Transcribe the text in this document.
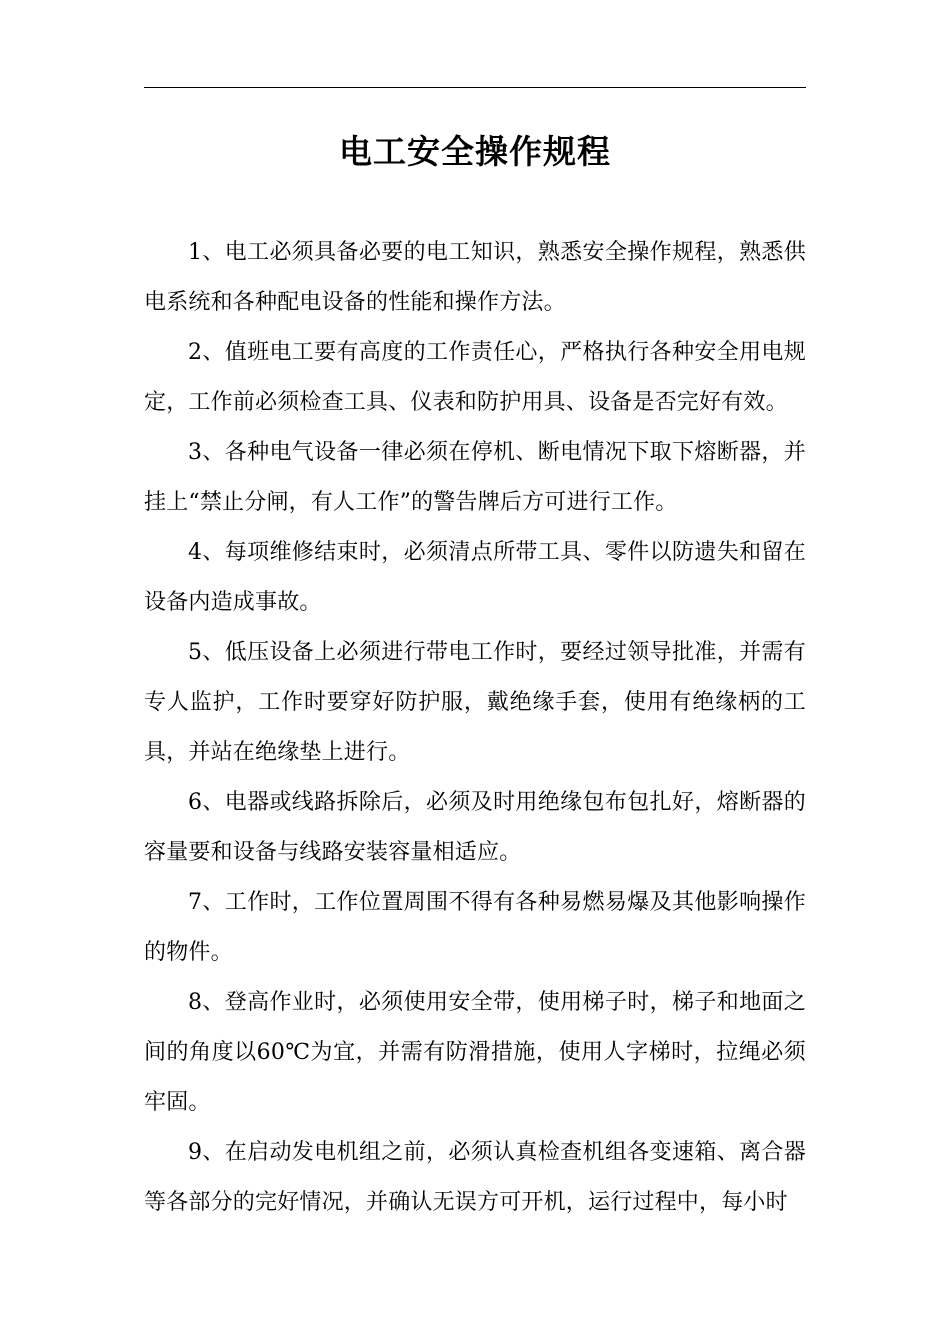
电工安全操作规程

1、电工必须具备必要的电工知识，熟悉安全操作规程，熟悉供电系统和各种配电设备的性能和操作方法。

2、值班电工要有高度的工作责任心，严格执行各种安全用电规定，工作前必须检查工具、仪表和防护用具、设备是否完好有效。

3、各种电气设备一律必须在停机、断电情况下取下熔断器，并挂上“禁止分闸，有人工作”的警告牌后方可进行工作。

4、每项维修结束时，必须清点所带工具、零件以防遗失和留在设备内造成事故。

5、低压设备上必须进行带电工作时，要经过领导批准，并需有专人监护，工作时要穿好防护服，戴绝缘手套，使用有绝缘柄的工具，并站在绝缘垫上进行。

6、电器或线路拆除后，必须及时用绝缘包布包扎好，熔断器的容量要和设备与线路安装容量相适应。

7、工作时，工作位置周围不得有各种易燃易爆及其他影响操作的物件。

8、登高作业时，必须使用安全带，使用梯子时，梯子和地面之间的角度以60℃为宜，并需有防滑措施，使用人字梯时，拉绳必须牢固。

9、在启动发电机组之前，必须认真检查机组各变速箱、离合器等各部分的完好情况，并确认无误方可开机，运行过程中，每小时
